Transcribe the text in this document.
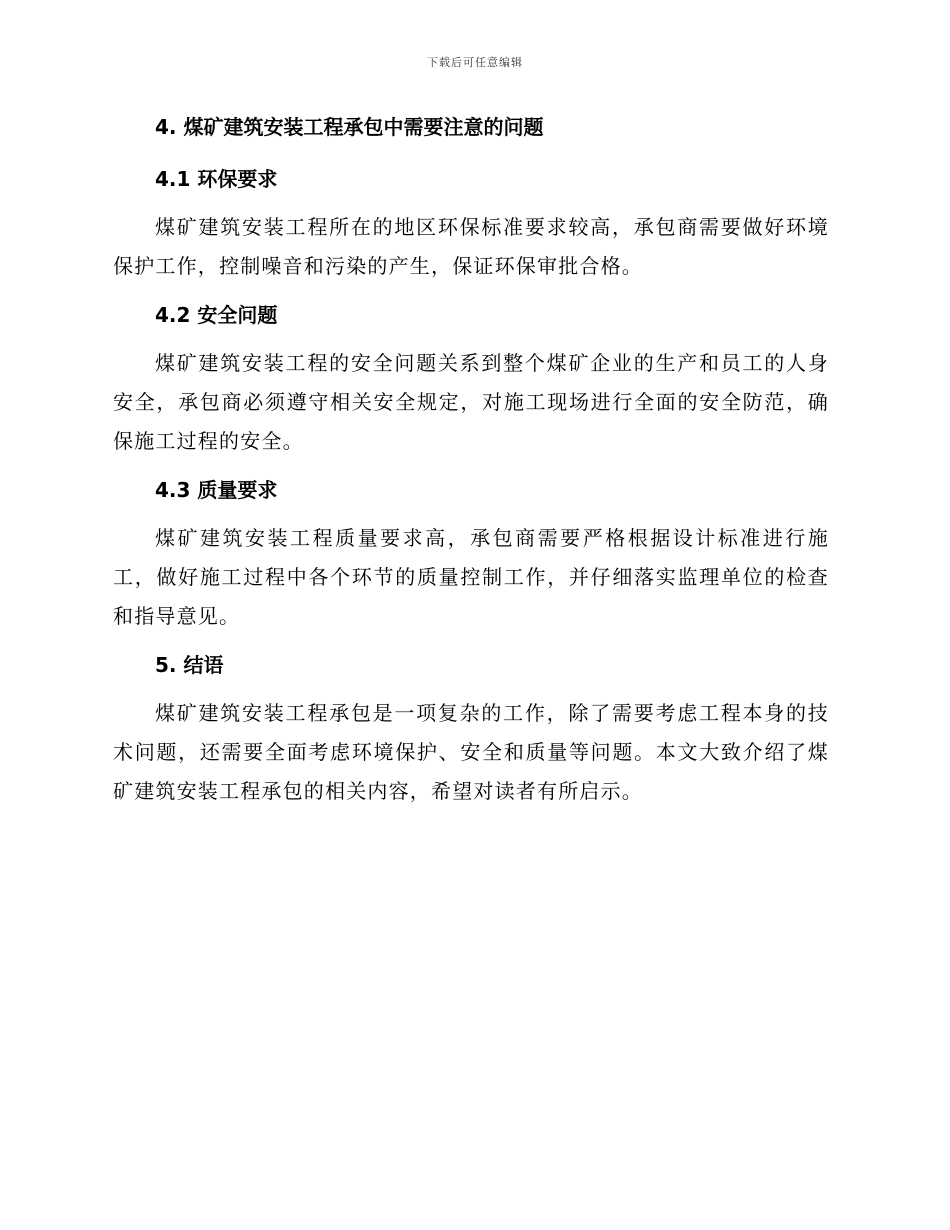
下载后可任意编辑
4. 煤矿建筑安装工程承包中需要注意的问题
4.1 环保要求

煤矿建筑安装工程所在的地区环保标准要求较高，承包商需要做好环境保护工作，控制噪音和污染的产生，保证环保审批合格。

4.2 安全问题

煤矿建筑安装工程的安全问题关系到整个煤矿企业的生产和员工的人身安全，承包商必须遵守相关安全规定，对施工现场进行全面的安全防范，确保施工过程的安全。

4.3 质量要求

煤矿建筑安装工程质量要求高，承包商需要严格根据设计标准进行施工，做好施工过程中各个环节的质量控制工作，并仔细落实监理单位的检查和指导意见。

5. 结语

煤矿建筑安装工程承包是一项复杂的工作，除了需要考虑工程本身的技术问题，还需要全面考虑环境保护、安全和质量等问题。本文大致介绍了煤矿建筑安装工程承包的相关内容，希望对读者有所启示。
